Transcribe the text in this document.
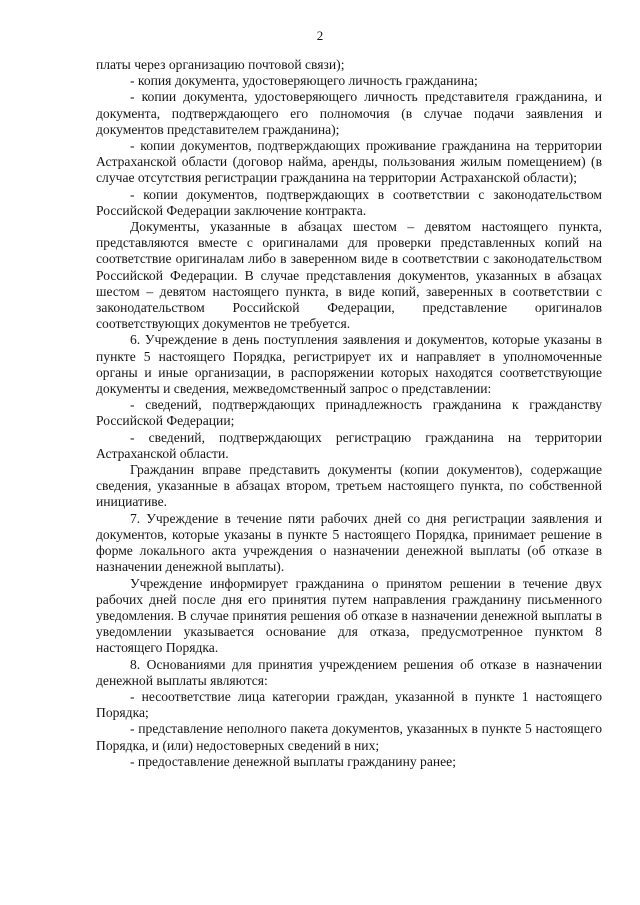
2

платы через организацию почтовой связи);

- копия документа, удостоверяющего личность гражданина;

- копии документа, удостоверяющего личность представителя гражданина, и документа, подтверждающего его полномочия (в случае подачи заявления и документов представителем гражданина);

- копии документов, подтверждающих проживание гражданина на территории Астраханской области (договор найма, аренды, пользования жилым помещением) (в случае отсутствия регистрации гражданина на территории Астраханской области);

- копии документов, подтверждающих в соответствии с законодательством Российской Федерации заключение контракта.

Документы, указанные в абзацах шестом – девятом настоящего пункта, представляются вместе с оригиналами для проверки представленных копий на соответствие оригиналам либо в заверенном виде в соответствии с законодательством Российской Федерации. В случае представления документов, указанных в абзацах шестом – девятом настоящего пункта, в виде копий, заверенных в соответствии с законодательством Российской Федерации, представление оригиналов соответствующих документов не требуется.

6. Учреждение в день поступления заявления и документов, которые указаны в пункте 5 настоящего Порядка, регистрирует их и направляет в уполномоченные органы и иные организации, в распоряжении которых находятся соответствующие документы и сведения, межведомственный запрос о представлении:

- сведений, подтверждающих принадлежность гражданина к гражданству Российской Федерации;

- сведений, подтверждающих регистрацию гражданина на территории Астраханской области.

Гражданин вправе представить документы (копии документов), содержащие сведения, указанные в абзацах втором, третьем настоящего пункта, по собственной инициативе.

7. Учреждение в течение пяти рабочих дней со дня регистрации заявления и документов, которые указаны в пункте 5 настоящего Порядка, принимает решение в форме локального акта учреждения о назначении денежной выплаты (об отказе в назначении денежной выплаты).

Учреждение информирует гражданина о принятом решении в течение двух рабочих дней после дня его принятия путем направления гражданину письменного уведомления. В случае принятия решения об отказе в назначении денежной выплаты в уведомлении указывается основание для отказа, предусмотренное пунктом 8 настоящего Порядка.

8. Основаниями для принятия учреждением решения об отказе в назначении денежной выплаты являются:

- несоответствие лица категории граждан, указанной в пункте 1 настоящего Порядка;

- представление неполного пакета документов, указанных в пункте 5 настоящего Порядка, и (или) недостоверных сведений в них;

- предоставление денежной выплаты гражданину ранее;
